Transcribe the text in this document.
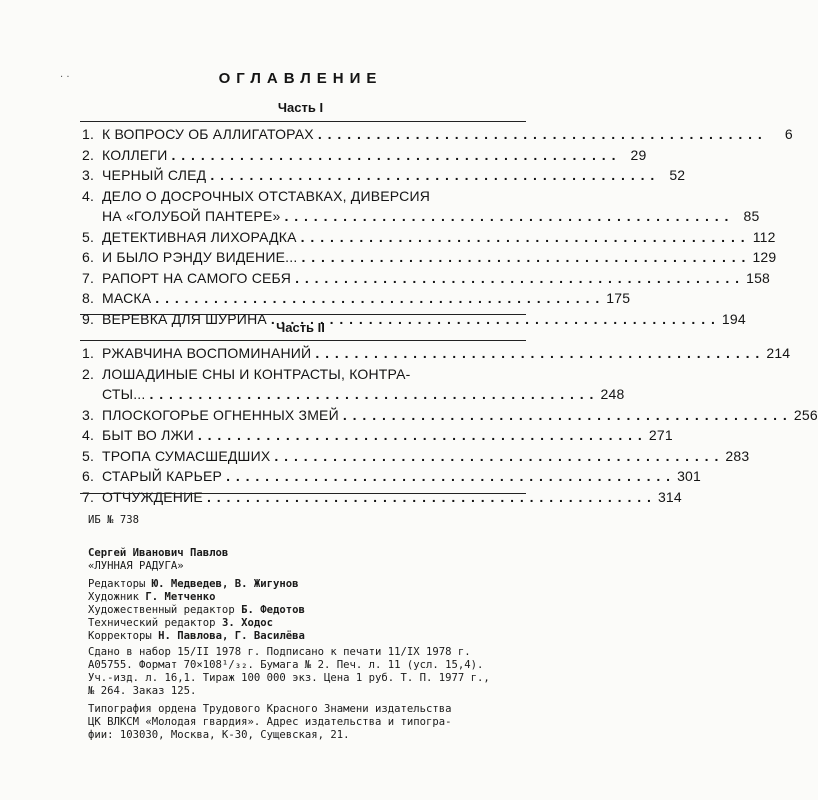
· ·	ОГЛАВЛЕНИЕ
Часть I
1. К ВОПРОСУ ОБ АЛЛИГАТОРАХ . . .	6
2. КОЛЛЕГИ . . .	29
3. ЧЕРНЫЙ СЛЕД . . .	52
4. ДЕЛО О ДОСРОЧНЫХ ОТСТАВКАХ, ДИВЕРСИЯ
НА «ГОЛУБОЙ ПАНТЕРЕ» . . .	85
5. ДЕТЕКТИВНАЯ ЛИХОРАДКА . . .	112
6. И БЫЛО РЭНДУ ВИДЕНИЕ... . . .	129
7. РАПОРТ НА САМОГО СЕБЯ . . .	158
8. МАСКА . . .	175
9. ВЕРЕВКА ДЛЯ ШУРИНА . . .	194
Часть II
1. РЖАВЧИНА ВОСПОМИНАНИЙ . . .	214
2. ЛОШАДИНЫЕ СНЫ И КОНТРАСТЫ, КОНТРА-
СТЫ... . . .	248
3. ПЛОСКОГОРЬЕ ОГНЕННЫХ ЗМЕЙ . . .	256
4. БЫТ ВО ЛЖИ . . .	271
5. ТРОПА СУМАСШЕДШИХ . . .	283
6. СТАРЫЙ КАРЬЕР . . .	301
7. ОТЧУЖДЕНИЕ . . .	314
ИБ № 738
Сергей Иванович Павлов
«ЛУННАЯ РАДУГА»
Редакторы Ю. Медведев, В. Жигунов
Художник Г. Метченко
Художественный редактор Б. Федотов
Технический редактор З. Ходос
Корректоры Н. Павлова, Г. Василёва
Сдано в набор 15/II 1978 г. Подписано к печати 11/IX 1978 г.
А05755. Формат 70×108¹/₃₂. Бумага № 2. Печ. л. 11 (усл. 15,4).
Уч.-изд. л. 16,1. Тираж 100 000 экз. Цена 1 руб. Т. П. 1977 г.,
№ 264. Заказ 125.
Типография ордена Трудового Красного Знамени издательства
ЦК ВЛКСМ «Молодая гвардия». Адрес издательства и типогра-
фии: 103030, Москва, К-30, Сущевская, 21.
